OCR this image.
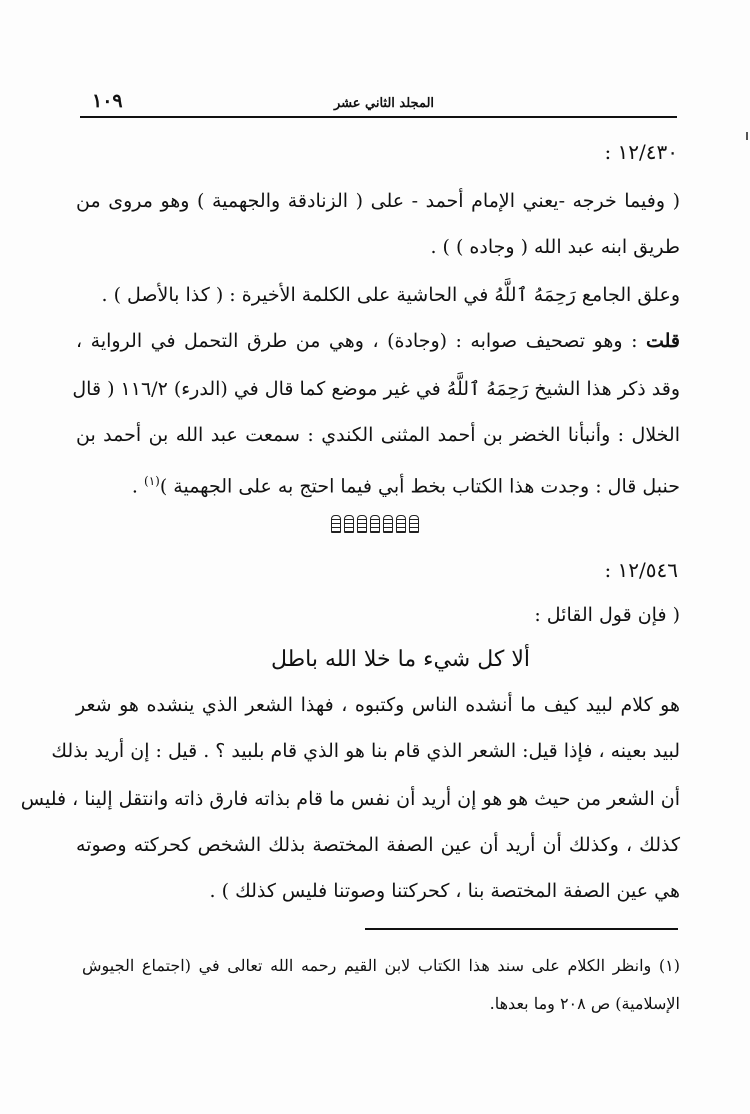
المجلد الثاني عشر
١٠٩
١٢/٤٣٠ :
( وفيما خرجه -يعني الإمام أحمد - على ( الزنادقة والجهمية ) وهو مروى من
طريق ابنه عبد الله ( وجاده ) ) .
وعلق الجامع رَحِمَهُ ٱللَّهُ في الحاشية على الكلمة الأخيرة : ( كذا بالأصل ) .
قلت : وهو تصحيف صوابه : (وجادة) ، وهي من طرق التحمل في الرواية ،
وقد ذكر هذا الشيخ رَحِمَهُ ٱللَّهُ في غير موضع كما قال في (الدرء) ١١٦/٢ ( قال
الخلال : وأنبأنا الخضر بن أحمد المثنى الكندي : سمعت عبد الله بن أحمد بن
حنبل قال : وجدت هذا الكتاب بخط أبي فيما احتج به على الجهمية )$^{(١)}$ .
١٢/٥٤٦ :
( فإن قول القائل :
ألا كل شيء ما خلا الله باطل
هو كلام لبيد كيف ما أنشده الناس وكتبوه ، فهذا الشعر الذي ينشده هو شعر
لبيد بعينه ، فإذا قيل: الشعر الذي قام بنا هو الذي قام بلبيد ؟ . قيل : إن أريد بذلك
أن الشعر من حيث هو هو إن أريد أن نفس ما قام بذاته فارق ذاته وانتقل إلينا ، فليس
كذلك ، وكذلك أن أريد أن عين الصفة المختصة بذلك الشخص كحركته وصوته
هي عين الصفة المختصة بنا ، كحركتنا وصوتنا فليس كذلك ) .
(١) وانظر الكلام على سند هذا الكتاب لابن القيم رحمه الله تعالى في (اجتماع الجيوش
الإسلامية) ص ٢٠٨ وما بعدها.
